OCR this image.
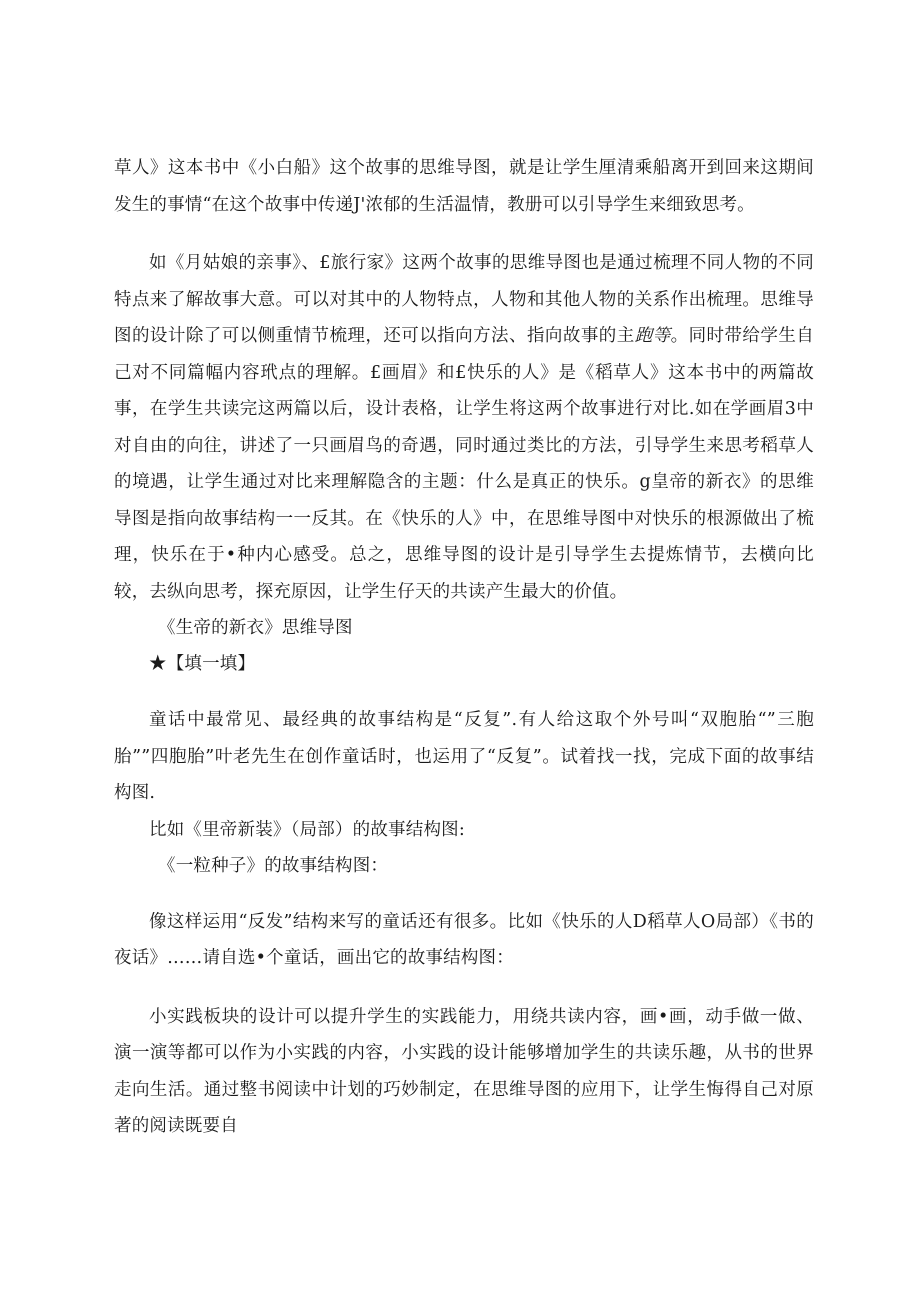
草人》这本书中《小白船》这个故事的思维导图，就是让学生厘清乘船离开到回来这期间发生的事情“在这个故事中传递J'浓郁的生活温情，教册可以引导学生来细致思考。

如《月姑娘的亲事》、£旅行家》这两个故事的思维导图也是通过梳理不同人物的不同特点来了解故事大意。可以对其中的人物特点，人物和其他人物的关系作出梳理。思维导图的设计除了可以侧重情节梳理，还可以指向方法、指向故事的主跑等。同时带给学生自己对不同篇幅内容玳点的理解。£画眉》和£快乐的人》是《稻草人》这本书中的两篇故事，在学生共读完这两篇以后，设计表格，让学生将这两个故事进行对比.如在学画眉3中对自由的向往，讲述了一只画眉鸟的奇遇，同时通过类比的方法，引导学生来思考稻草人的境遇，让学生通过对比来理解隐含的主题：什么是真正的快乐。g皇帝的新衣》的思维导图是指向故事结构一一反其。在《快乐的人》中，在思维导图中对快乐的根源做出了梳理，快乐在于•种内心感受。总之，思维导图的设计是引导学生去提炼情节，去横向比较，去纵向思考，探充原因，让学生仔天的共读产生最大的价值。

《生帝的新衣》思维导图

★【填一填】

童话中最常见、最经典的故事结构是“反复”.有人给这取个外号叫“双胞胎“”三胞胎””四胞胎”叶老先生在创作童话时，也运用了“反复”。试着找一找，完成下面的故事结构图.

比如《里帝新装》（局部）的故事结构图:

《一粒种子》的故事结构图：

像这样运用“反发”结构来写的童话还有很多。比如《快乐的人D稻草人O局部）《书的夜话》……请自选•个童话，画出它的故事结构图：

小实践板块的设计可以提升学生的实践能力，用绕共读内容，画•画，动手做一做、演一演等都可以作为小实践的内容，小实践的设计能够增加学生的共读乐趣，从书的世界走向生活。通过整书阅读中计划的巧妙制定，在思维导图的应用下，让学生悔得自己对原著的阅读既要自
